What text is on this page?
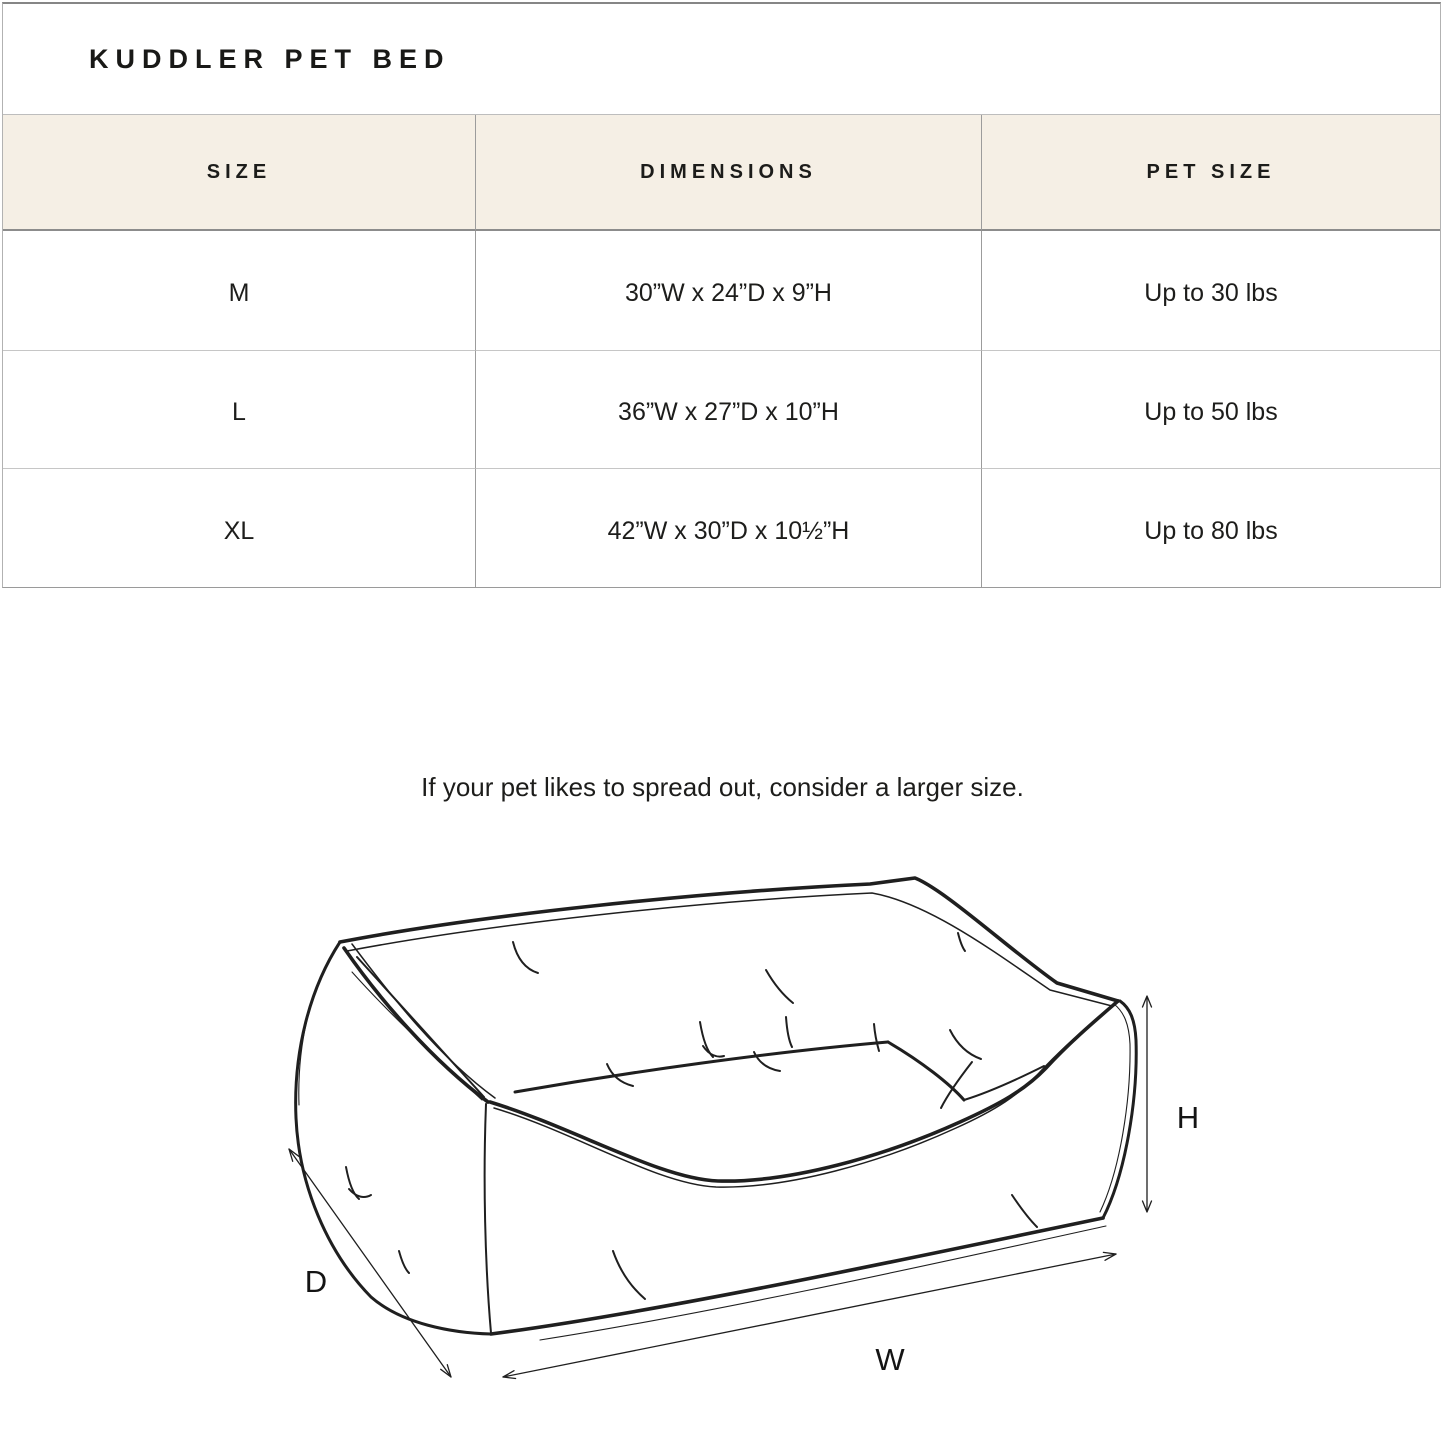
KUDDLER PET BED
SIZE	DIMENSIONS	PET SIZE
M	30”W x 24”D x 9”H	Up to 30 lbs
L	36”W x 27”D x 10”H	Up to 50 lbs
XL	42”W x 30”D x 10½”H	Up to 80 lbs
If your pet likes to spread out, consider a larger size.
H
D
W
